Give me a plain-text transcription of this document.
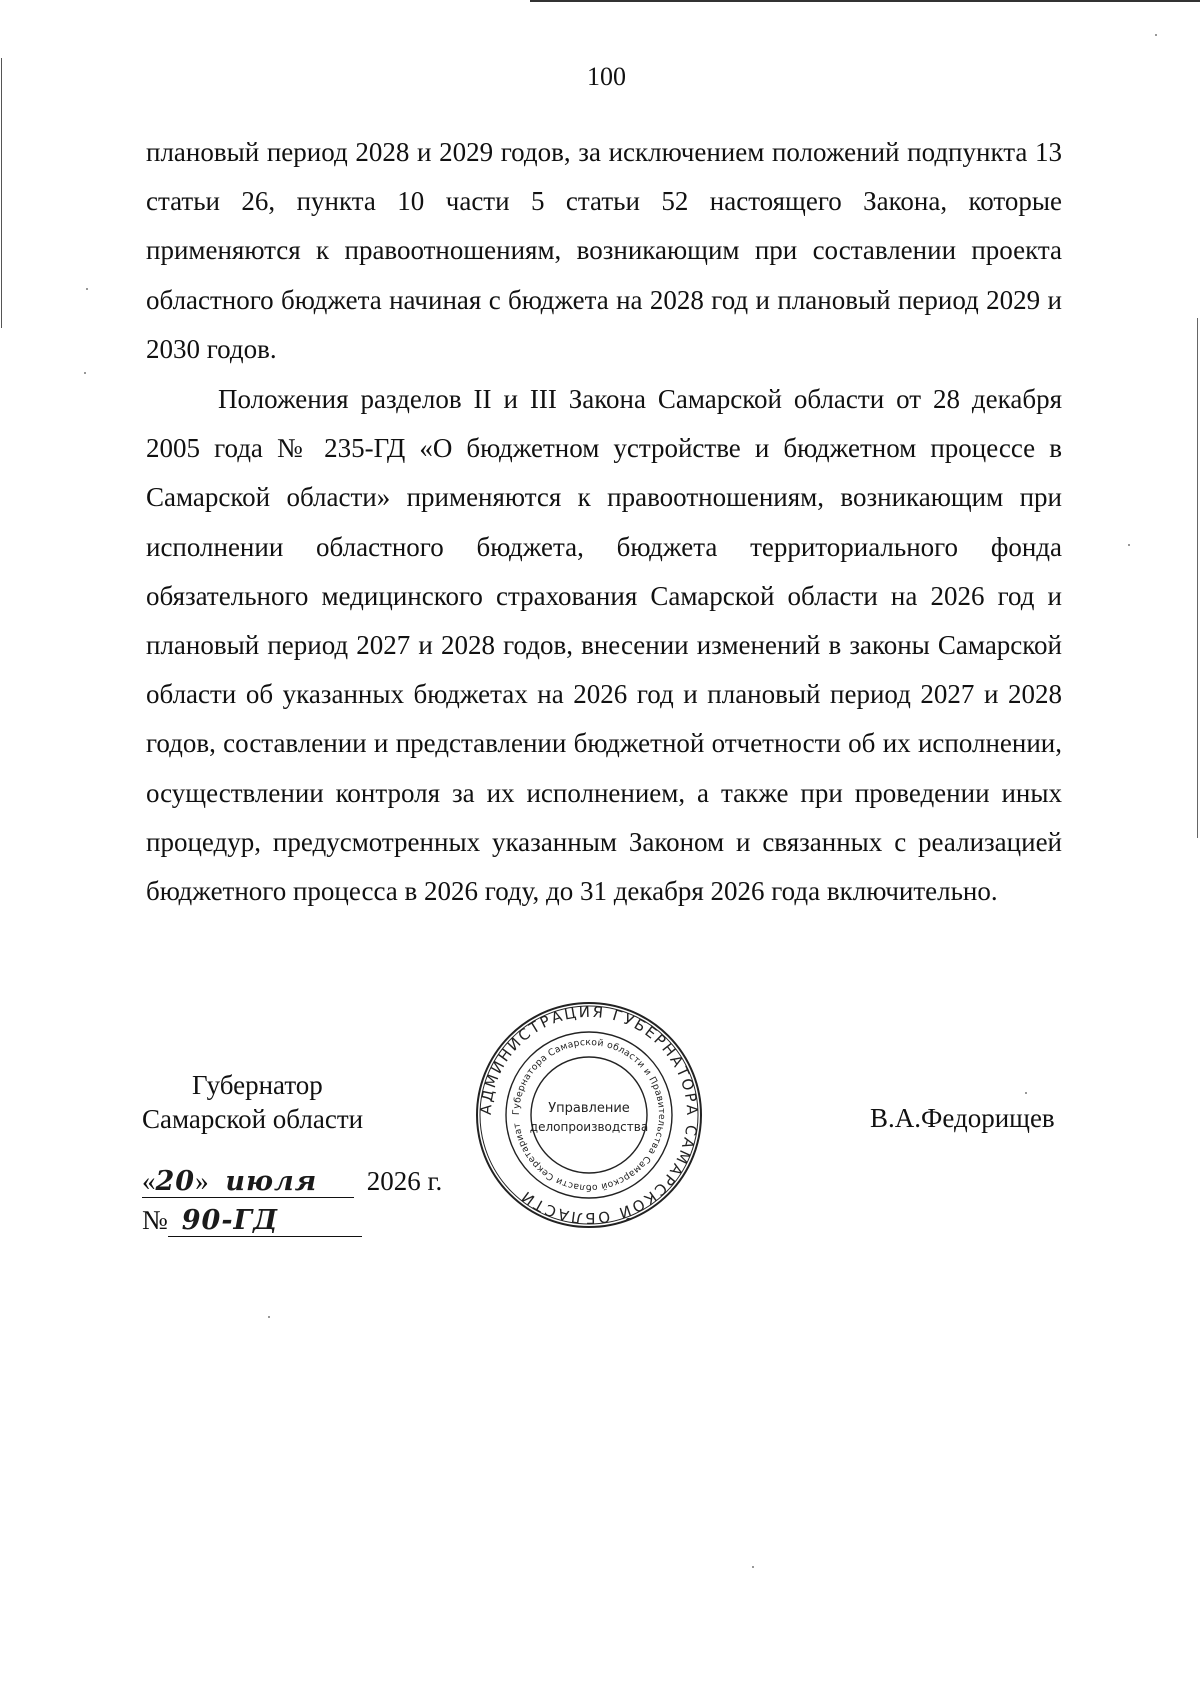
100

плановый период 2028 и 2029 годов, за исключением положений подпункта 13 статьи 26, пункта 10 части 5 статьи 52 настоящего Закона, которые применяются к правоотношениям, возникающим при составлении проекта областного бюджета начиная с бюджета на 2028 год и плановый период 2029 и 2030 годов.

Положения разделов II и III Закона Самарской области от 28 декабря 2005 года № 235-ГД «О бюджетном устройстве и бюджетном процессе в Самарской области» применяются к правоотношениям, возникающим при исполнении областного бюджета, бюджета территориального фонда обязательного медицинского страхования Самарской области на 2026 год и плановый период 2027 и 2028 годов, внесении изменений в законы Самарской области об указанных бюджетах на 2026 год и плановый период 2027 и 2028 годов, составлении и представлении бюджетной отчетности об их исполнении, осуществлении контроля за их исполнением, а также при проведении иных процедур, предусмотренных указанным Законом и связанных с реализацией бюджетного процесса в 2026 году, до 31 декабря 2026 года включительно.

Губернатор
Самарской области	В.А.Федорищев
«20» июля 2026 г.
№ 90-ГД
АДМИНИСТРАЦИЯ ГУБЕРНАТОРА САМАРСКОЙ ОБЛАСТИ
Губернатора Самарской области и Правительства Самарской области Секретариат
Управление
делопроизводства
